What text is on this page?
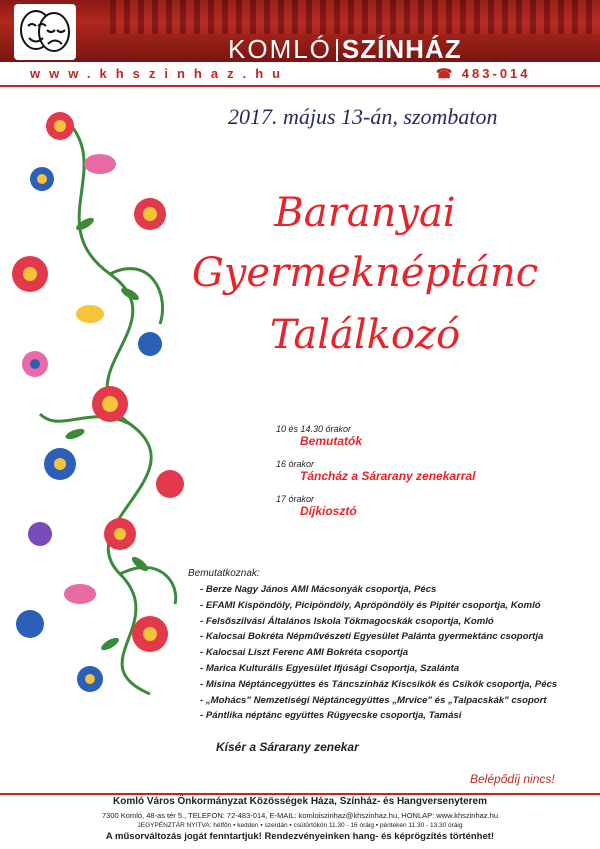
KOMLÓ SZÍNHÁZ
www.khszinhaz.hu	☎ 483-014
2017. május 13-án, szombaton
Baranyai
Gyermeknéptánc
Találkozó
10 és 14.30 órakor
Bemutatók
16 órakor
Táncház a Sárarany zenekarral
17 órakor
Díjkiosztó
Bemutatkoznak:
- Berze Nagy János AMI Mácsonyák csoportja, Pécs
- EFAMI Kispöndöly, Picipöndöly, Apröpöndöly és Pipitér csoportja, Komló
- Felsőszilvási Általános Iskola Tökmagocskák csoportja, Komló
- Kalocsai Bokréta Népművészeti Egyesület Palánta gyermektánc csoportja
- Kalocsai Liszt Ferenc AMI Bokréta csoportja
- Marica Kulturális Egyesület Ifjúsági Csoportja, Szalánta
- Misina Néptáncegyüttes és Táncszínház Kiscsikók és Csikók csoportja, Pécs
- „Mohács" Nemzetiségi Néptáncegyüttes „Mrvice" és „Talpacskák" csoport
- Pántlika néptánc együttes Rügyecske csoportja, Tamási
Kísér a Sárarany zenekar
Belépődíj nincs!
Komló Város Önkormányzat Közösségek Háza, Színház- és Hangversenyterem
7300 Komló, 48-as tér 5., TELEFON: 72-483-014, E-MAIL: komloiszinhaz@khszinhaz.hu, HONLAP: www.khszinhaz.hu
JEGYPÉNZTÁR NYITVA: hétfőn ▪ kedden ▪ szerdán ▪ csütörtökön 11.30 - 16 óráig ▪ pénteken 11.30 - 13.30 óráig
A műsorváltozás jogát fenntartjuk! Rendezvényeinken hang- és képrögzítés történhet!
